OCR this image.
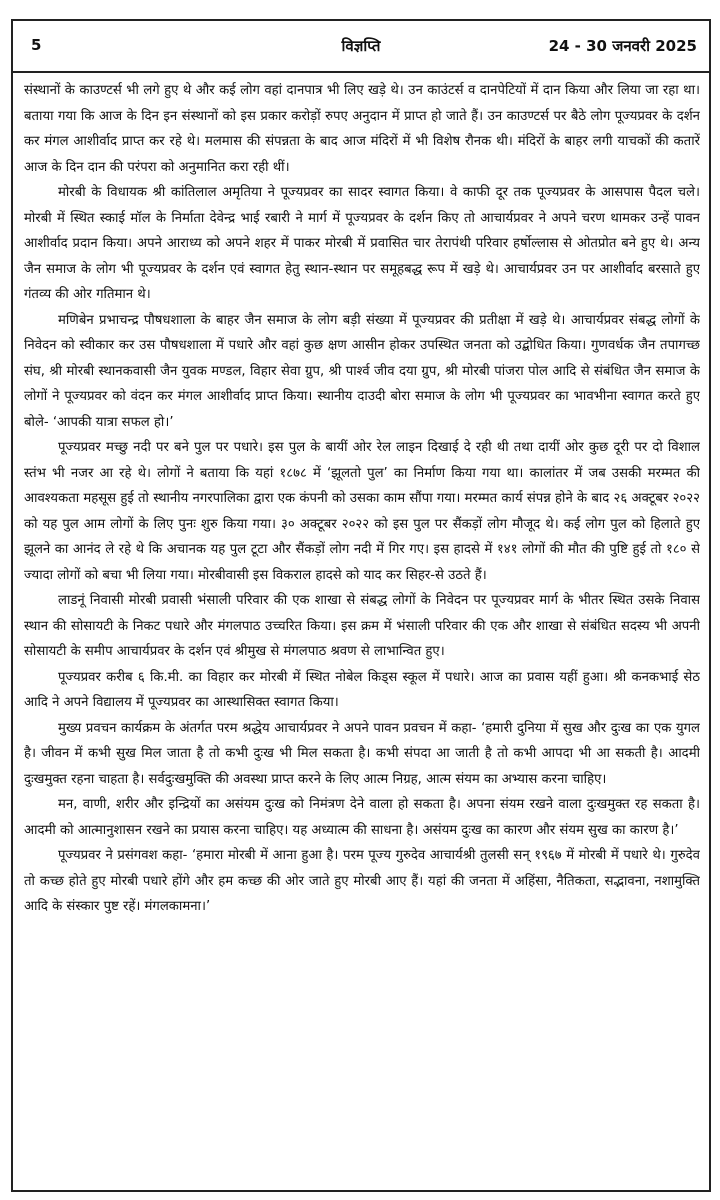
5	विज्ञप्ति	24 - 30 जनवरी 2025

संस्थानों के काउण्टर्स भी लगे हुए थे और कई लोग वहां दानपात्र भी लिए खड़े थे। उन काउंटर्स व दानपेटियों में दान किया और लिया जा रहा था। बताया गया कि आज के दिन इन संस्थानों को इस प्रकार करोड़ों रुपए अनुदान में प्राप्त हो जाते हैं। उन काउण्टर्स पर बैठे लोग पूज्यप्रवर के दर्शन कर मंगल आशीर्वाद प्राप्त कर रहे थे। मलमास की संपन्नता के बाद आज मंदिरों में भी विशेष रौनक थी। मंदिरों के बाहर लगी याचकों की कतारें आज के दिन दान की परंपरा को अनुमानित करा रही थीं।

मोरबी के विधायक श्री कांतिलाल अमृतिया ने पूज्यप्रवर का सादर स्वागत किया। वे काफी दूर तक पूज्यप्रवर के आसपास पैदल चले। मोरबी में स्थित स्काई मॉल के निर्माता देवेन्द्र भाई रबारी ने मार्ग में पूज्यप्रवर के दर्शन किए तो आचार्यप्रवर ने अपने चरण थामकर उन्हें पावन आशीर्वाद प्रदान किया। अपने आराध्य को अपने शहर में पाकर मोरबी में प्रवासित चार तेरापंथी परिवार हर्षोल्लास से ओतप्रोत बने हुए थे। अन्य जैन समाज के लोग भी पूज्यप्रवर के दर्शन एवं स्वागत हेतु स्थान-स्थान पर समूहबद्ध रूप में खड़े थे। आचार्यप्रवर उन पर आशीर्वाद बरसाते हुए गंतव्य की ओर गतिमान थे।

मणिबेन प्रभाचन्द्र पौषधशाला के बाहर जैन समाज के लोग बड़ी संख्या में पूज्यप्रवर की प्रतीक्षा में खड़े थे। आचार्यप्रवर संबद्ध लोगों के निवेदन को स्वीकार कर उस पौषधशाला में पधारे और वहां कुछ क्षण आसीन होकर उपस्थित जनता को उद्बोधित किया। गुणवर्धक जैन तपागच्छ संघ, श्री मोरबी स्थानकवासी जैन युवक मण्डल, विहार सेवा ग्रुप, श्री पार्श्व जीव दया ग्रुप, श्री मोरबी पांजरा पोल आदि से संबंधित जैन समाज के लोगों ने पूज्यप्रवर को वंदन कर मंगल आशीर्वाद प्राप्त किया। स्थानीय दाउदी बोरा समाज के लोग भी पूज्यप्रवर का भावभीना स्वागत करते हुए बोले- ‘आपकी यात्रा सफल हो।’

पूज्यप्रवर मच्छु नदी पर बने पुल पर पधारे। इस पुल के बायीं ओर रेल लाइन दिखाई दे रही थी तथा दायीं ओर कुछ दूरी पर दो विशाल स्तंभ भी नजर आ रहे थे। लोगों ने बताया कि यहां १८७८ में ‘झूलतो पुल’ का निर्माण किया गया था। कालांतर में जब उसकी मरम्मत की आवश्यकता महसूस हुई तो स्थानीय नगरपालिका द्वारा एक कंपनी को उसका काम सौंपा गया। मरम्मत कार्य संपन्न होने के बाद २६ अक्टूबर २०२२ को यह पुल आम लोगों के लिए पुनः शुरु किया गया। ३० अक्टूबर २०२२ को इस पुल पर सैंकड़ों लोग मौजूद थे। कई लोग पुल को हिलाते हुए झूलने का आनंद ले रहे थे कि अचानक यह पुल टूटा और सैंकड़ों लोग नदी में गिर गए। इस हादसे में १४१ लोगों की मौत की पुष्टि हुई तो १८० से ज्यादा लोगों को बचा भी लिया गया। मोरबीवासी इस विकराल हादसे को याद कर सिहर-से उठते हैं।

लाडनूं निवासी मोरबी प्रवासी भंसाली परिवार की एक शाखा से संबद्ध लोगों के निवेदन पर पूज्यप्रवर मार्ग के भीतर स्थित उसके निवास स्थान की सोसायटी के निकट पधारे और मंगलपाठ उच्चरित किया। इस क्रम में भंसाली परिवार की एक और शाखा से संबंधित सदस्य भी अपनी सोसायटी के समीप आचार्यप्रवर के दर्शन एवं श्रीमुख से मंगलपाठ श्रवण से लाभान्वित हुए।

पूज्यप्रवर करीब ६ कि.मी. का विहार कर मोरबी में स्थित नोबेल किड्स स्कूल में पधारे। आज का प्रवास यहीं हुआ। श्री कनकभाई सेठ आदि ने अपने विद्यालय में पूज्यप्रवर का आस्थासिक्त स्वागत किया।

मुख्य प्रवचन कार्यक्रम के अंतर्गत परम श्रद्धेय आचार्यप्रवर ने अपने पावन प्रवचन में कहा- ‘हमारी दुनिया में सुख और दुःख का एक युगल है। जीवन में कभी सुख मिल जाता है तो कभी दुःख भी मिल सकता है। कभी संपदा आ जाती है तो कभी आपदा भी आ सकती है। आदमी दुःखमुक्त रहना चाहता है। सर्वदुःखमुक्ति की अवस्था प्राप्त करने के लिए आत्म निग्रह, आत्म संयम का अभ्यास करना चाहिए।

मन, वाणी, शरीर और इन्द्रियों का असंयम दुःख को निमंत्रण देने वाला हो सकता है। अपना संयम रखने वाला दुःखमुक्त रह सकता है। आदमी को आत्मानुशासन रखने का प्रयास करना चाहिए। यह अध्यात्म की साधना है। असंयम दुःख का कारण और संयम सुख का कारण है।’

पूज्यप्रवर ने प्रसंगवश कहा- ‘हमारा मोरबी में आना हुआ है। परम पूज्य गुरुदेव आचार्यश्री तुलसी सन् १९६७ में मोरबी में पधारे थे। गुरुदेव तो कच्छ होते हुए मोरबी पधारे होंगे और हम कच्छ की ओर जाते हुए मोरबी आए हैं। यहां की जनता में अहिंसा, नैतिकता, सद्भावना, नशामुक्ति आदि के संस्कार पुष्ट रहें। मंगलकामना।’
